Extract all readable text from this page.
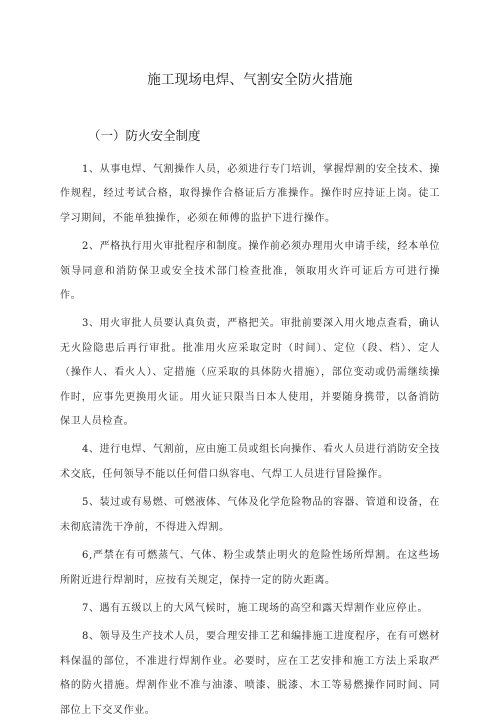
施工现场电焊、气割安全防火措施
（一）防火安全制度

1、从事电焊、气割操作人员，必须进行专门培训，掌握焊割的安全技术、操作规程，经过考试合格，取得操作合格证后方准操作。操作时应持证上岗。徒工学习期间，不能单独操作，必须在师傅的监护下进行操作。

2、严格执行用火审批程序和制度。操作前必须办理用火申请手续，经本单位领导同意和消防保卫或安全技术部门检查批准，领取用火许可证后方可进行操作。

3、用火审批人员要认真负责，严格把关。审批前要深入用火地点查看，确认无火险隐患后再行审批。批准用火应采取定时（时间）、定位（段、档）、定人（操作人、看火人）、定措施（应采取的具体防火措施），部位变动或仍需继续操作时，应事先更换用火证。用火证只限当日本人使用，并要随身携带，以备消防保卫人员检查。

4、进行电焊、气割前，应由施工员或组长向操作、看火人员进行消防安全技术交底，任何领导不能以任何借口纵容电、气焊工人员进行冒险操作。

5、装过或有易燃、可燃液体、气体及化学危险物品的容器、管道和设备，在未彻底清洗干净前，不得进入焊割。

6,严禁在有可燃蒸气、气体、粉尘或禁止明火的危险性场所焊割。在这些场所附近进行焊割时，应按有关规定，保持一定的防火距离。

7、遇有五级以上的大风气候时，施工现场的高空和露天焊割作业应停止。

8、领导及生产技术人员，要合理安排工艺和编排施工进度程序，在有可燃材料保温的部位，不准进行焊割作业。必要时，应在工艺安排和施工方法上采取严格的防火措施。焊割作业不准与油漆、喷漆、脱漆、木工等易燃操作同时间、同部位上下交叉作业。
